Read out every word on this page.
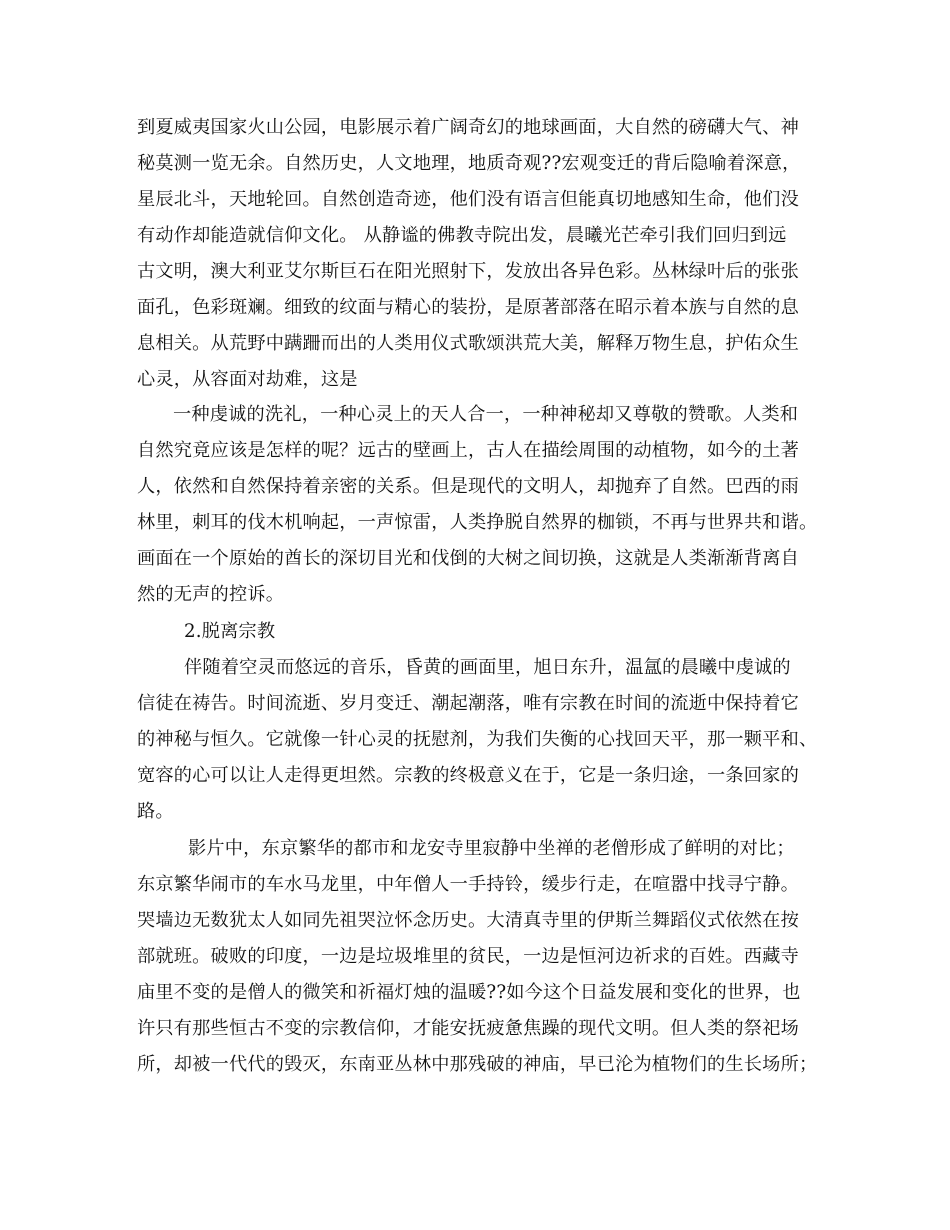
到夏威夷国家火山公园，电影展示着广阔奇幻的地球画面，大自然的磅礴大气、神
秘莫测一览无余。自然历史，人文地理，地质奇观??宏观变迁的背后隐喻着深意，
星辰北斗，天地轮回。自然创造奇迹，他们没有语言但能真切地感知生命，他们没
有动作却能造就信仰文化。 从静谧的佛教寺院出发，晨曦光芒牵引我们回归到远
古文明，澳大利亚艾尔斯巨石在阳光照射下，发放出各异色彩。丛林绿叶后的张张
面孔，色彩斑斓。细致的纹面与精心的装扮，是原著部落在昭示着本族与自然的息
息相关。从荒野中蹒跚而出的人类用仪式歌颂洪荒大美，解释万物生息，护佑众生
心灵，从容面对劫难，这是
一种虔诚的洗礼，一种心灵上的天人合一，一种神秘却又尊敬的赞歌。人类和
自然究竟应该是怎样的呢？远古的壁画上，古人在描绘周围的动植物，如今的土著
人，依然和自然保持着亲密的关系。但是现代的文明人，却抛弃了自然。巴西的雨
林里，刺耳的伐木机响起，一声惊雷，人类挣脱自然界的枷锁，不再与世界共和谐。
画面在一个原始的酋长的深切目光和伐倒的大树之间切换，这就是人类渐渐背离自
然的无声的控诉。
2.脱离宗教
伴随着空灵而悠远的音乐，昏黄的画面里，旭日东升，温氲的晨曦中虔诚的
信徒在祷告。时间流逝、岁月变迁、潮起潮落，唯有宗教在时间的流逝中保持着它
的神秘与恒久。它就像一针心灵的抚慰剂，为我们失衡的心找回天平，那一颗平和、
宽容的心可以让人走得更坦然。宗教的终极意义在于，它是一条归途，一条回家的
路。
影片中，东京繁华的都市和龙安寺里寂静中坐禅的老僧形成了鲜明的对比；
东京繁华闹市的车水马龙里，中年僧人一手持铃，缓步行走，在喧嚣中找寻宁静。
哭墙边无数犹太人如同先祖哭泣怀念历史。大清真寺里的伊斯兰舞蹈仪式依然在按
部就班。破败的印度，一边是垃圾堆里的贫民，一边是恒河边祈求的百姓。西藏寺
庙里不变的是僧人的微笑和祈福灯烛的温暖??如今这个日益发展和变化的世界，也
许只有那些恒古不变的宗教信仰，才能安抚疲惫焦躁的现代文明。但人类的祭祀场
所，却被一代代的毁灭，东南亚丛林中那残破的神庙，早已沦为植物们的生长场所；
